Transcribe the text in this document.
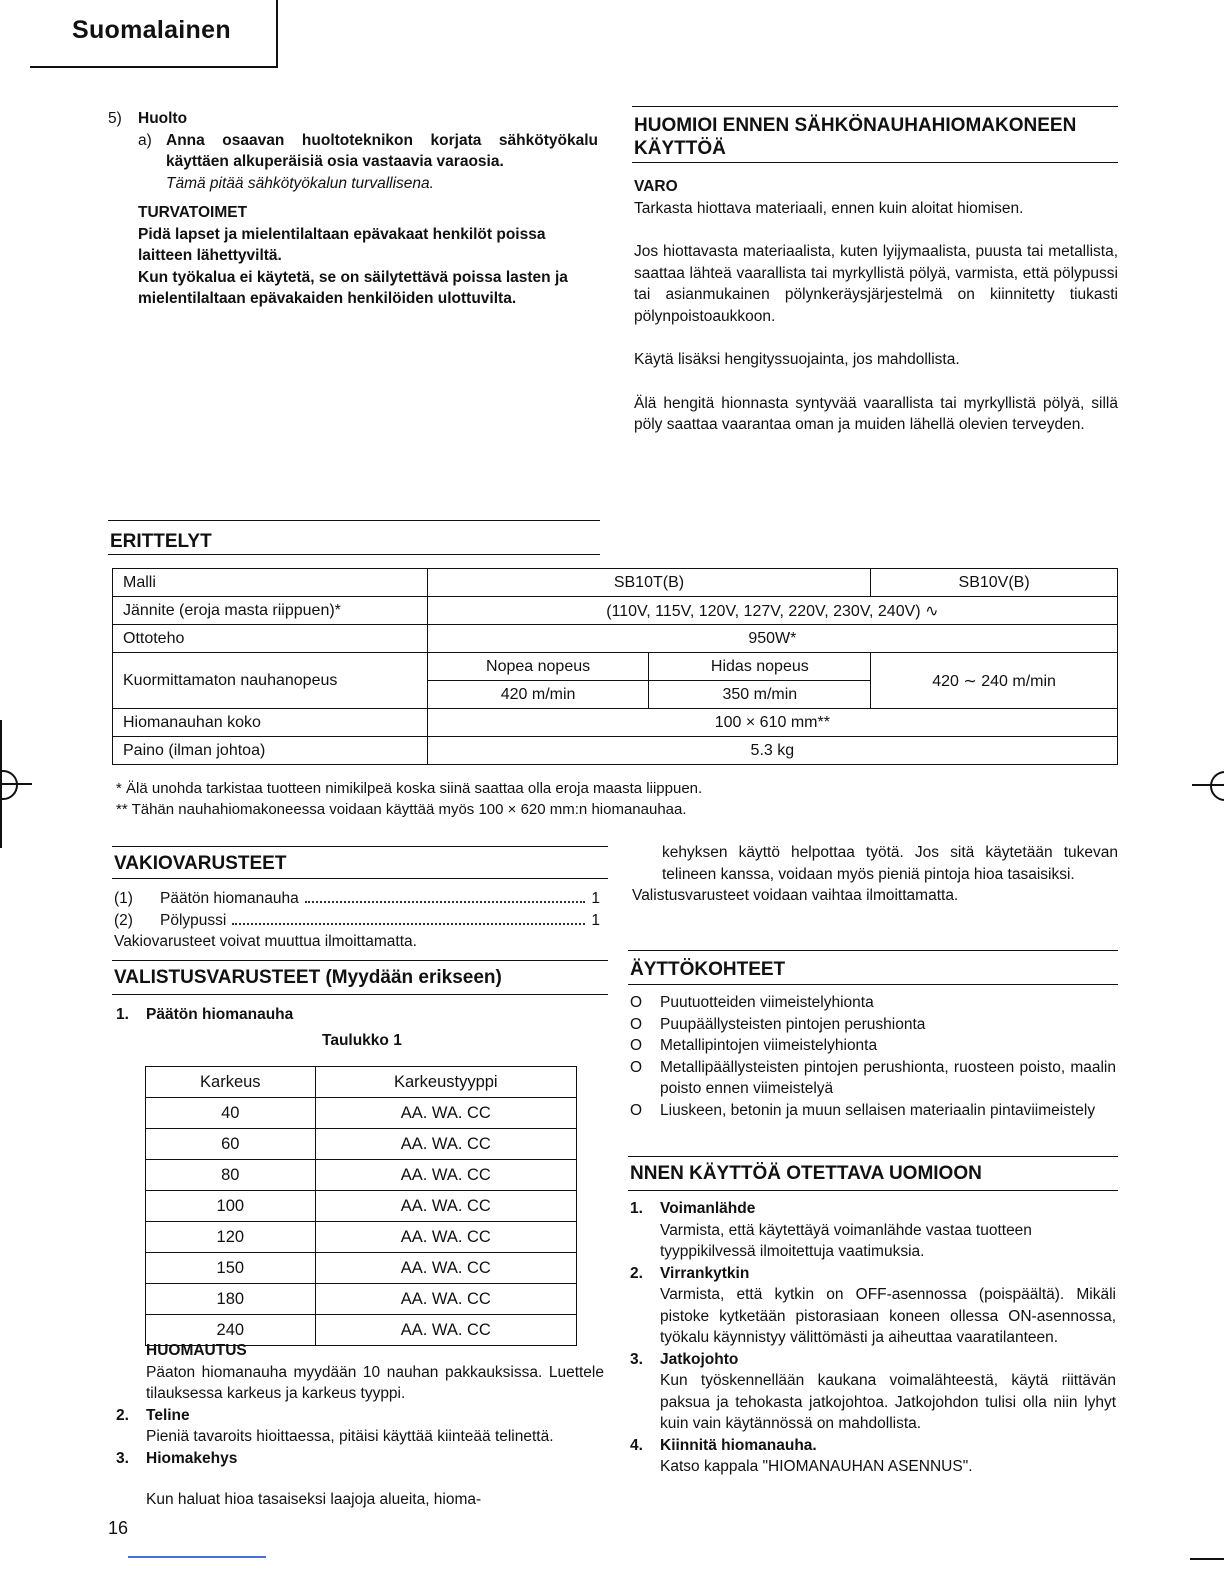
Suomalainen
5)	Huolto
a) Anna osaavan huoltoteknikon korjata sähkötyökalu käyttäen alkuperäisiä osia vastaavia varaosia.
Tämä pitää sähkötyökalun turvallisena.
TURVATOIMET
Pidä lapset ja mielentilaltaan epävakaat henkilöt poissa laitteen lähettyviltä.
Kun työkalua ei käytetä, se on säilytettävä poissa lasten ja mielentilaltaan epävakaiden henkilöiden ulottuvilta.
HUOMIOI ENNEN SÄHKÖNAUHAHIOMAKONEEN KÄYTTÖÄ
VARO
Tarkasta hiottava materiaali, ennen kuin aloitat hiomisen.
Jos hiottavasta materiaalista, kuten lyijymaalista, puusta tai metallista, saattaa lähteä vaarallista tai myrkyllistä pölyä, varmista, että pölypussi tai asianmukainen pölynkeräysjärjestelmä on kiinnitetty tiukasti pölynpoistoaukkoon.
Käytä lisäksi hengityssuojainta, jos mahdollista.
Älä hengitä hionnasta syntyvää vaarallista tai myrkyllistä pölyä, sillä pöly saattaa vaarantaa oman ja muiden lähellä olevien terveyden.
ERITTELYT
Malli	SB10T(B)		SB10V(B)
Jännite (eroja masta riippuen)*	(110V, 115V, 120V, 127V, 220V, 230V, 240V) ∿		
Ottoteho	950W*		
Kuormittamaton nauhanopeus	Nopea nopeus	Hidas nopeus	420 ∼ 240 m/min
	420 m/min	350 m/min	
Hiomanauhan koko	100 × 610 mm**		
Paino (ilman johtoa)	5.3 kg		
* Älä unohda tarkistaa tuotteen nimikilpeä koska siinä saattaa olla eroja maasta liippuen.
** Tähän nauhahiomakoneessa voidaan käyttää myös 100 × 620 mm:n hiomanauhaa.
VAKIOVARUSTEET
(1)	Päätön hiomanauha	1
(2)	Pölypussi	1
Vakiovarusteet voivat muuttua ilmoittamatta.
VALISTUSVARUSTEET (Myydään erikseen)
1.	Päätön hiomanauha
Taulukko 1
Karkeus	Karkeustyyppi
40	AA. WA. CC
60	AA. WA. CC
80	AA. WA. CC
100	AA. WA. CC
120	AA. WA. CC
150	AA. WA. CC
180	AA. WA. CC
240	AA. WA. CC
HUOMAUTUS
Päaton hiomanauha myydään 10 nauhan pakkauksissa. Luettele tilauksessa karkeus ja karkeus tyyppi.
2.	Teline
Pieniä tavaroits hioittaessa, pitäisi käyttää kiinteää telinettä.
3.	Hiomakehys
Kun haluat hioa tasaiseksi laajoja alueita, hioma-
kehyksen käyttö helpottaa työtä. Jos sitä käytetään tukevan telineen kanssa, voidaan myös pieniä pintoja hioa tasaisiksi.
Valistusvarusteet voidaan vaihtaa ilmoittamatta.
ÄYTTÖKOHTEET
O	Puutuotteiden viimeistelyhionta
O	Puupäällysteisten pintojen perushionta
O	Metallipintojen viimeistelyhionta
O	Metallipäällysteisten pintojen perushionta, ruosteen poisto, maalin poisto ennen viimeistelyä
O	Liuskeen, betonin ja muun sellaisen materiaalin pintaviimeistely
NNEN KÄYTTÖÄ OTETTAVA UOMIOON
1.	Voimanlähde
Varmista, että käytettäyä voimanlähde vastaa tuotteen tyyppikilvessä ilmoitettuja vaatimuksia.
2.	Virrankytkin
Varmista, että kytkin on OFF-asennossa (poispäältä). Mikäli pistoke kytketään pistorasiaan koneen ollessa ON-asennossa, työkalu käynnistyy välittömästi ja aiheuttaa vaaratilanteen.
3.	Jatkojohto
Kun työskennellään kaukana voimalähteestä, käytä riittävän paksua ja tehokasta jatkojohtoa. Jatkojohdon tulisi olla niin lyhyt kuin vain käytännössä on mahdollista.
4.	Kiinnitä hiomanauha.
Katso kappala "HIOMANAUHAN ASENNUS".
16
